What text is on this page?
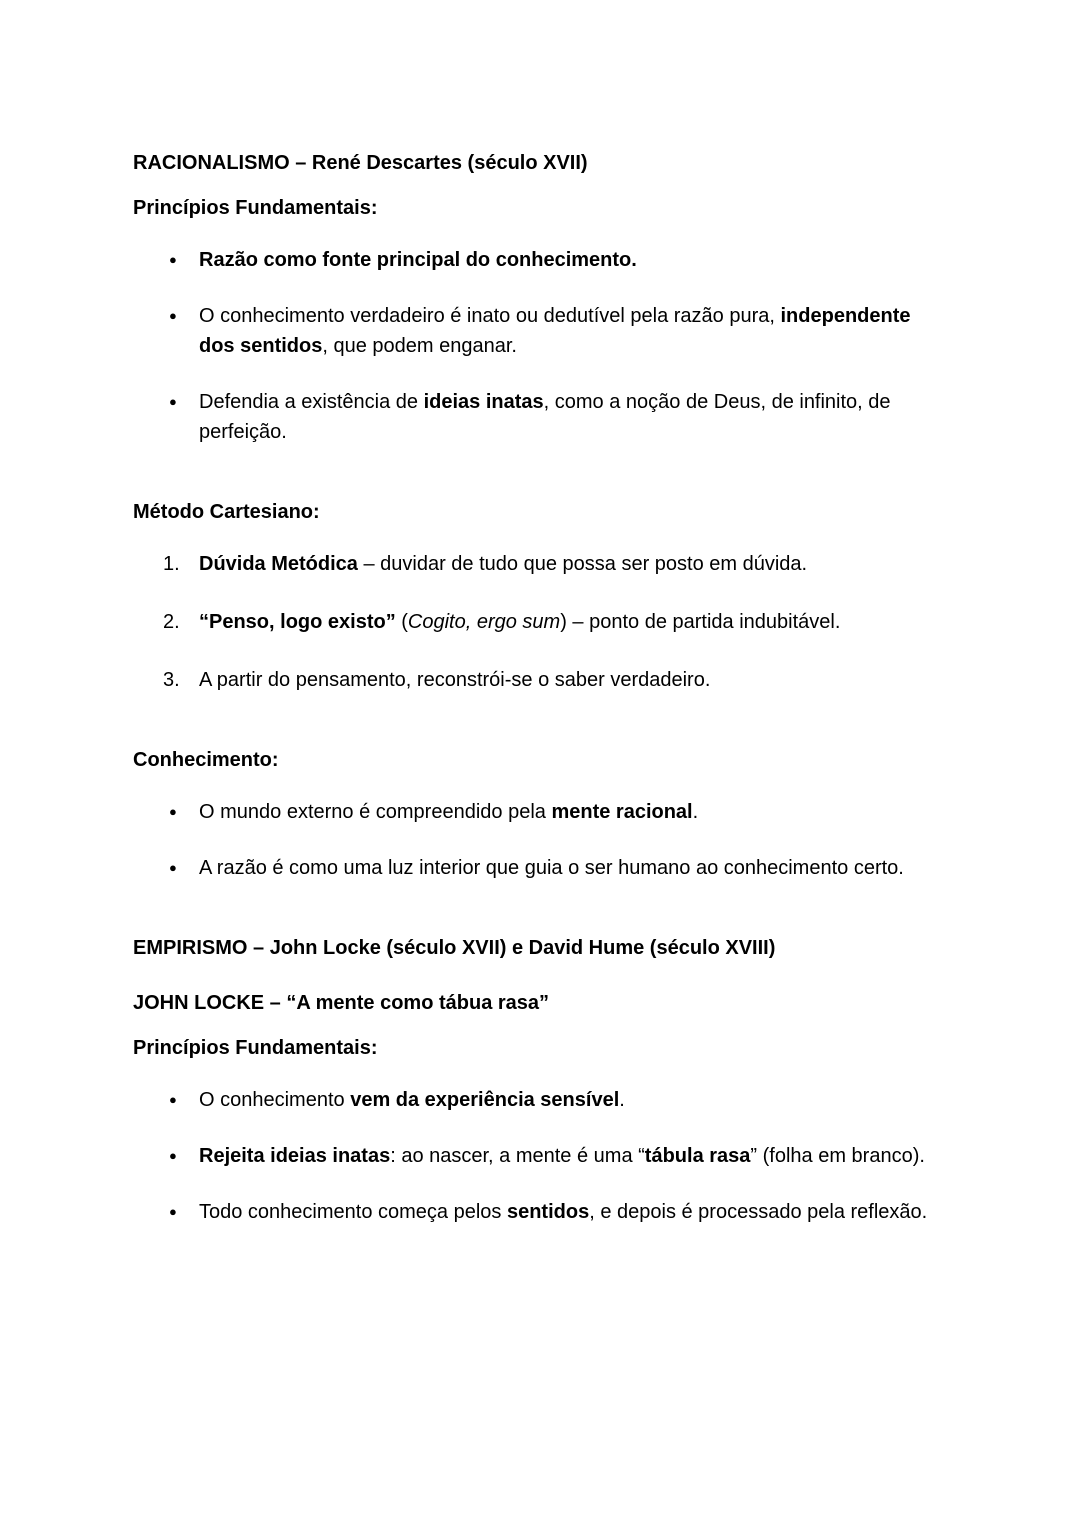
RACIONALISMO – René Descartes (século XVII)

Princípios Fundamentais:

● Razão como fonte principal do conhecimento.
● O conhecimento verdadeiro é inato ou dedutível pela razão pura, independente dos sentidos, que podem enganar.
● Defendia a existência de ideias inatas, como a noção de Deus, de infinito, de perfeição.

Método Cartesiano:

1. Dúvida Metódica – duvidar de tudo que possa ser posto em dúvida.
2. “Penso, logo existo” (Cogito, ergo sum) – ponto de partida indubitável.
3. A partir do pensamento, reconstrói-se o saber verdadeiro.

Conhecimento:

● O mundo externo é compreendido pela mente racional.
● A razão é como uma luz interior que guia o ser humano ao conhecimento certo.

EMPIRISMO – John Locke (século XVII) e David Hume (século XVIII)

JOHN LOCKE – “A mente como tábua rasa”

Princípios Fundamentais:

● O conhecimento vem da experiência sensível.
● Rejeita ideias inatas: ao nascer, a mente é uma “tábula rasa” (folha em branco).
● Todo conhecimento começa pelos sentidos, e depois é processado pela reflexão.
